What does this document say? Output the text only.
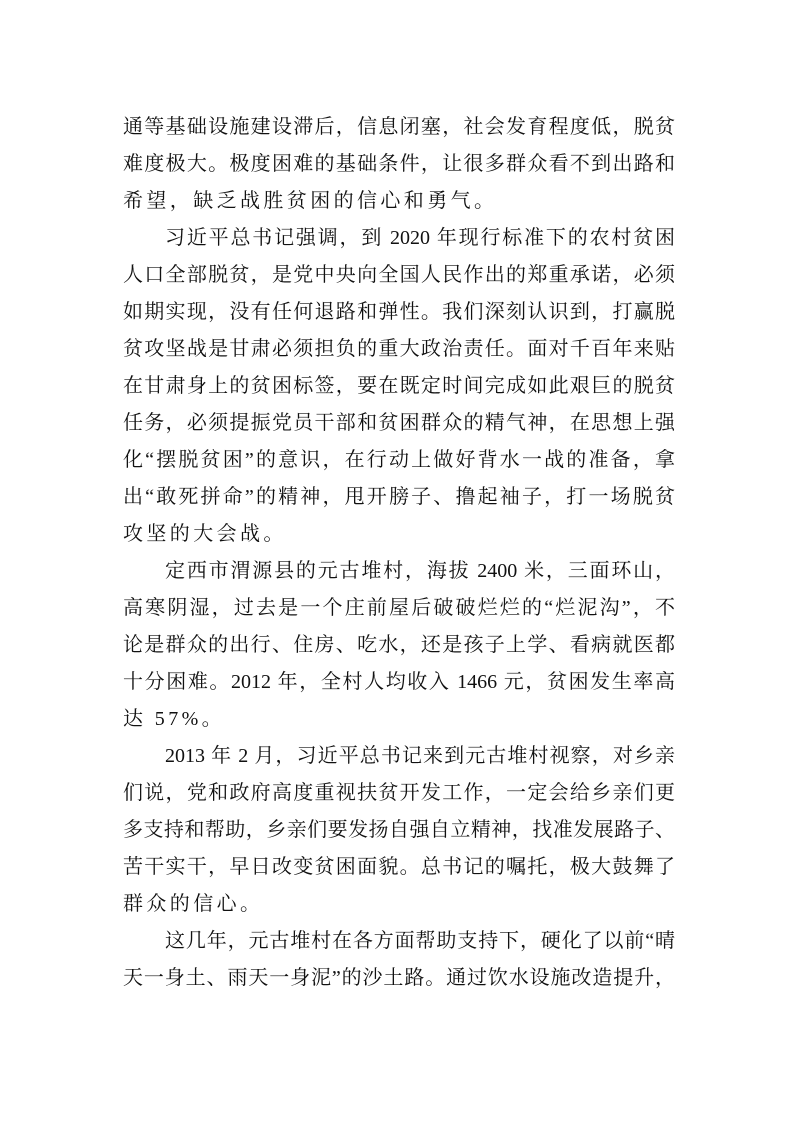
通等基础设施建设滞后，信息闭塞，社会发育程度低，脱贫
难度极大。极度困难的基础条件，让很多群众看不到出路和
希望，缺乏战胜贫困的信心和勇气。
习近平总书记强调，到 2020 年现行标准下的农村贫困
人口全部脱贫，是党中央向全国人民作出的郑重承诺，必须
如期实现，没有任何退路和弹性。我们深刻认识到，打赢脱
贫攻坚战是甘肃必须担负的重大政治责任。面对千百年来贴
在甘肃身上的贫困标签，要在既定时间完成如此艰巨的脱贫
任务，必须提振党员干部和贫困群众的精气神，在思想上强
化“摆脱贫困”的意识，在行动上做好背水一战的准备，拿
出“敢死拼命”的精神，甩开膀子、撸起袖子，打一场脱贫
攻坚的大会战。
定西市渭源县的元古堆村，海拔 2400 米，三面环山，
高寒阴湿，过去是一个庄前屋后破破烂烂的“烂泥沟”，不
论是群众的出行、住房、吃水，还是孩子上学、看病就医都
十分困难。2012 年，全村人均收入 1466 元，贫困发生率高
达 57%。
2013 年 2 月，习近平总书记来到元古堆村视察，对乡亲
们说，党和政府高度重视扶贫开发工作，一定会给乡亲们更
多支持和帮助，乡亲们要发扬自强自立精神，找准发展路子、
苦干实干，早日改变贫困面貌。总书记的嘱托，极大鼓舞了
群众的信心。
这几年，元古堆村在各方面帮助支持下，硬化了以前“晴
天一身土、雨天一身泥”的沙土路。通过饮水设施改造提升，
